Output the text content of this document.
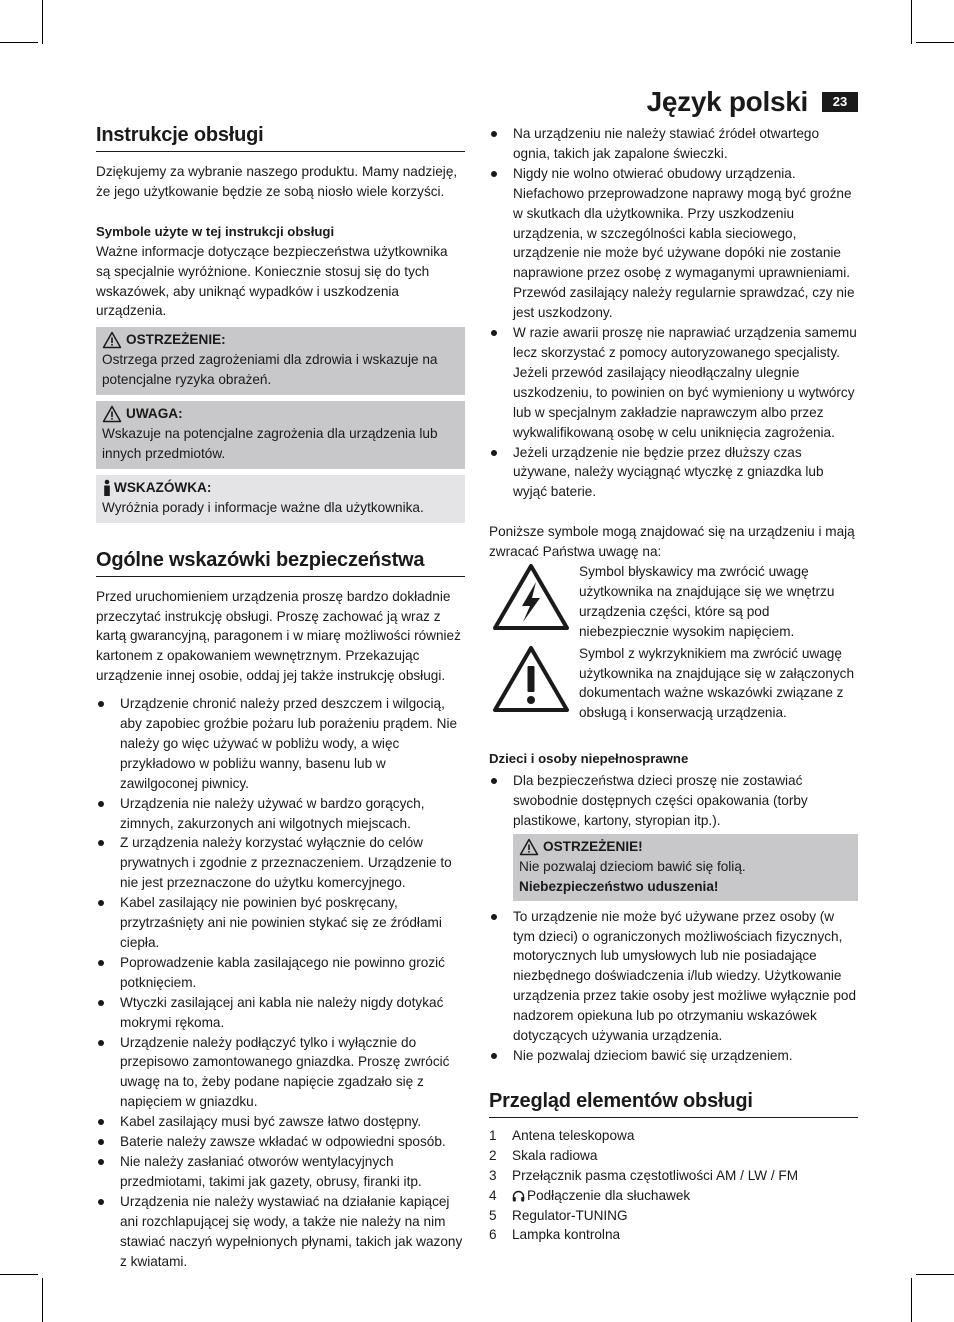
Język polski	23
Instrukcje obsługi

Dziękujemy za wybranie naszego produktu. Mamy nadzieję, że jego użytkowanie będzie ze sobą niosło wiele korzyści.

Symbole użyte w tej instrukcji obsługi

Ważne informacje dotyczące bezpieczeństwa użytkownika są specjalnie wyróżnione. Koniecznie stosuj się do tych wskazówek, aby uniknąć wypadków i uszkodzenia urządzenia.

OSTRZEŻENIE:

Ostrzega przed zagrożeniami dla zdrowia i wskazuje na potencjalne ryzyka obrażeń.

UWAGA:

Wskazuje na potencjalne zagrożenia dla urządzenia lub innych przedmiotów.

WSKAZÓWKA:

Wyróżnia porady i informacje ważne dla użytkownika.

Ogólne wskazówki bezpieczeństwa

Przed uruchomieniem urządzenia proszę bardzo dokładnie przeczytać instrukcję obsługi. Proszę zachować ją wraz z kartą gwarancyjną, paragonem i w miarę możliwości również kartonem z opakowaniem wewnętrznym. Przekazując urządzenie innej osobie, oddaj jej także instrukcję obsługi.

Urządzenie chronić należy przed deszczem i wilgocią, aby zapobiec groźbie pożaru lub porażeniu prądem. Nie należy go więc używać w pobliżu wody, a więc przykładowo w pobliżu wanny, basenu lub w zawilgoconej piwnicy.
Urządzenia nie należy używać w bardzo gorących, zimnych, zakurzonych ani wilgotnych miejscach.
Z urządzenia należy korzystać wyłącznie do celów prywatnych i zgodnie z przeznaczeniem. Urządzenie to nie jest przeznaczone do użytku komercyjnego.
Kabel zasilający nie powinien być poskręcany, przytrzaśnięty ani nie powinien stykać się ze źródłami ciepła.
Poprowadzenie kabla zasilającego nie powinno grozić potknięciem.
Wtyczki zasilającej ani kabla nie należy nigdy dotykać mokrymi rękoma.
Urządzenie należy podłączyć tylko i wyłącznie do przepisowo zamontowanego gniazdka. Proszę zwrócić uwagę na to, żeby podane napięcie zgadzało się z napięciem w gniazdku.
Kabel zasilający musi być zawsze łatwo dostępny.
Baterie należy zawsze wkładać w odpowiedni sposób.
Nie należy zasłaniać otworów wentylacyjnych przedmiotami, takimi jak gazety, obrusy, firanki itp.
Urządzenia nie należy wystawiać na działanie kapiącej ani rozchlapującej się wody, a także nie należy na nim stawiać naczyń wypełnionych płynami, takich jak wazony z kwiatami.
Na urządzeniu nie należy stawiać źródeł otwartego ognia, takich jak zapalone świeczki.
Nigdy nie wolno otwierać obudowy urządzenia. Niefachowo przeprowadzone naprawy mogą być groźne w skutkach dla użytkownika. Przy uszkodzeniu urządzenia, w szczególności kabla sieciowego, urządzenie nie może być używane dopóki nie zostanie naprawione przez osobę z wymaganymi uprawnieniami. Przewód zasilający należy regularnie sprawdzać, czy nie jest uszkodzony.
W razie awarii proszę nie naprawiać urządzenia samemu lecz skorzystać z pomocy autoryzowanego specjalisty. Jeżeli przewód zasilający nieodłączalny ulegnie uszkodzeniu, to powinien on być wymieniony u wytwórcy lub w specjalnym zakładzie naprawczym albo przez wykwalifikowaną osobę w celu uniknięcia zagrożenia.
Jeżeli urządzenie nie będzie przez dłuższy czas używane, należy wyciągnąć wtyczkę z gniazdka lub wyjąć baterie.

Poniższe symbole mogą znajdować się na urządzeniu i mają zwracać Państwa uwagę na:

Symbol błyskawicy ma zwrócić uwagę użytkownika na znajdujące się we wnętrzu urządzenia części, które są pod niebezpiecznie wysokim napięciem.

Symbol z wykrzyknikiem ma zwrócić uwagę użytkownika na znajdujące się w załączonych dokumentach ważne wskazówki związane z obsługą i konserwacją urządzenia.

Dzieci i osoby niepełnosprawne

Dla bezpieczeństwa dzieci proszę nie zostawiać swobodnie dostępnych części opakowania (torby plastikowe, kartony, styropian itp.).
OSTRZEŻENIE!

Nie pozwalaj dzieciom bawić się folią. Niebezpieczeństwo uduszenia!

To urządzenie nie może być używane przez osoby (w tym dzieci) o ograniczonych możliwościach fizycznych, motorycznych lub umysłowych lub nie posiadające niezbędnego doświadczenia i/lub wiedzy. Użytkowanie urządzenia przez takie osoby jest możliwe wyłącznie pod nadzorem opiekuna lub po otrzymaniu wskazówek dotyczących używania urządzenia.
Nie pozwalaj dzieciom bawić się urządzeniem.
Przegląd elementów obsługi
1	Antena teleskopowa
2	Skala radiowa
3	Przełącznik pasma częstotliwości AM / LW / FM
4	Podłączenie dla słuchawek
5	Regulator-TUNING
6	Lampka kontrolna
